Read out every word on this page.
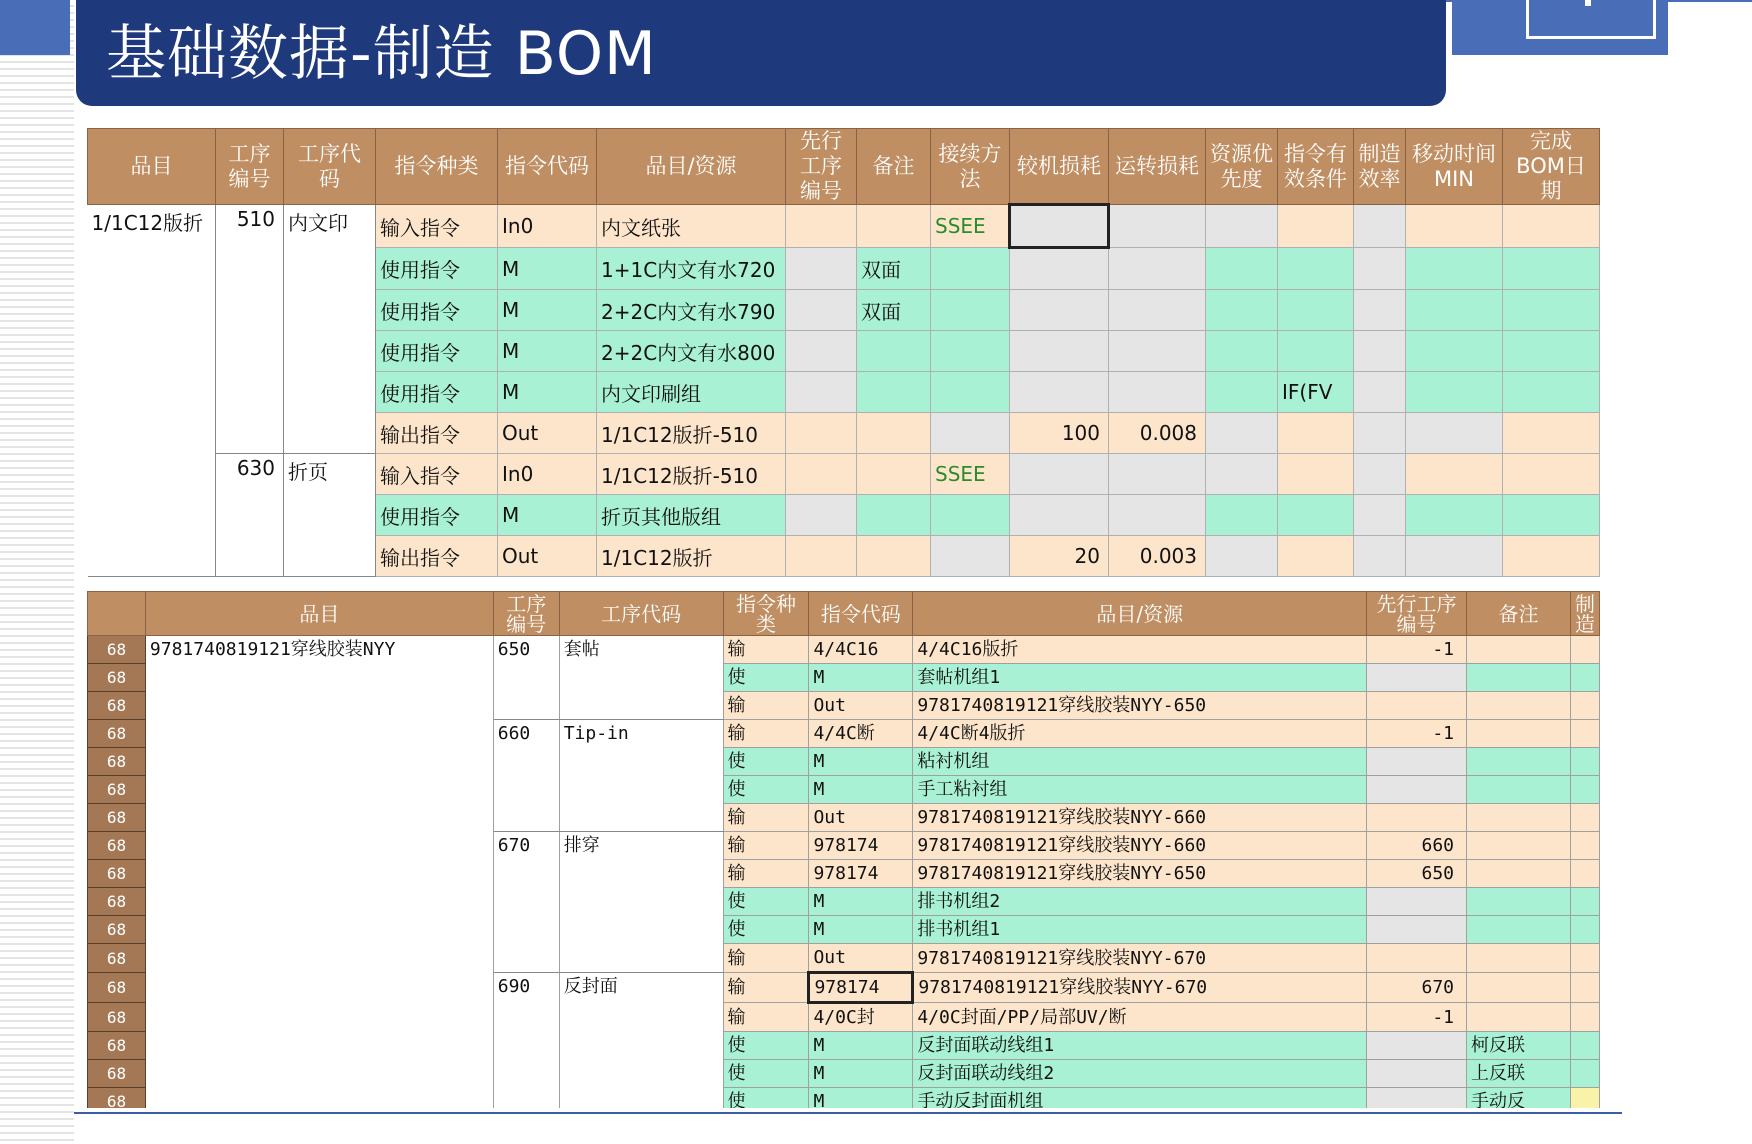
基础数据-制造 BOM
品目	工序编号	工序代码	指令种类	指令代码	品目/资源	先行工序编号	备注	接续方法	较机损耗	运转损耗	资源优先度	指令有效条件	制造效率	移动时间MIN	完成BOM日期
1/1C12版折	510	内文印	输入指令	In0	内文纸张			SSEE							
			使用指令	M	1+1C内文有水720		双面								
			使用指令	M	2+2C内文有水790		双面								
			使用指令	M	2+2C内文有水800										
			使用指令	M	内文印刷组							IF(FV			
			输出指令	Out	1/1C12版折-510				100	0.008					
	630	折页	输入指令	In0	1/1C12版折-510			SSEE							
			使用指令	M	折页其他版组										
			输出指令	Out	1/1C12版折				20	0.003					
	品目	工序编号	工序代码	指令种类	指令代码	品目/资源	先行工序编号	备注	制造
68	9781740819121穿线胶装NYY	650	套帖	输	4/4C16	4/4C16版折	-1		
68				使	M	套帖机组1			
68				输	Out	9781740819121穿线胶装NYY-650			
68		660	Tip-in	输	4/4C断	4/4C断4版折	-1		
68				使	M	粘衬机组			
68				使	M	手工粘衬组			
68				输	Out	9781740819121穿线胶装NYY-660			
68		670	排穿	输	978174	9781740819121穿线胶装NYY-660	660		
68				输	978174	9781740819121穿线胶装NYY-650	650		
68				使	M	排书机组2			
68				使	M	排书机组1			
68				输	Out	9781740819121穿线胶装NYY-670			
68		690	反封面	输	978174	9781740819121穿线胶装NYY-670	670		
68				输	4/0C封	4/0C封面/PP/局部UV/断	-1		
68				使	M	反封面联动线组1		柯反联	
68				使	M	反封面联动线组2		上反联	
68				使	M	手动反封面机组		手动反	
